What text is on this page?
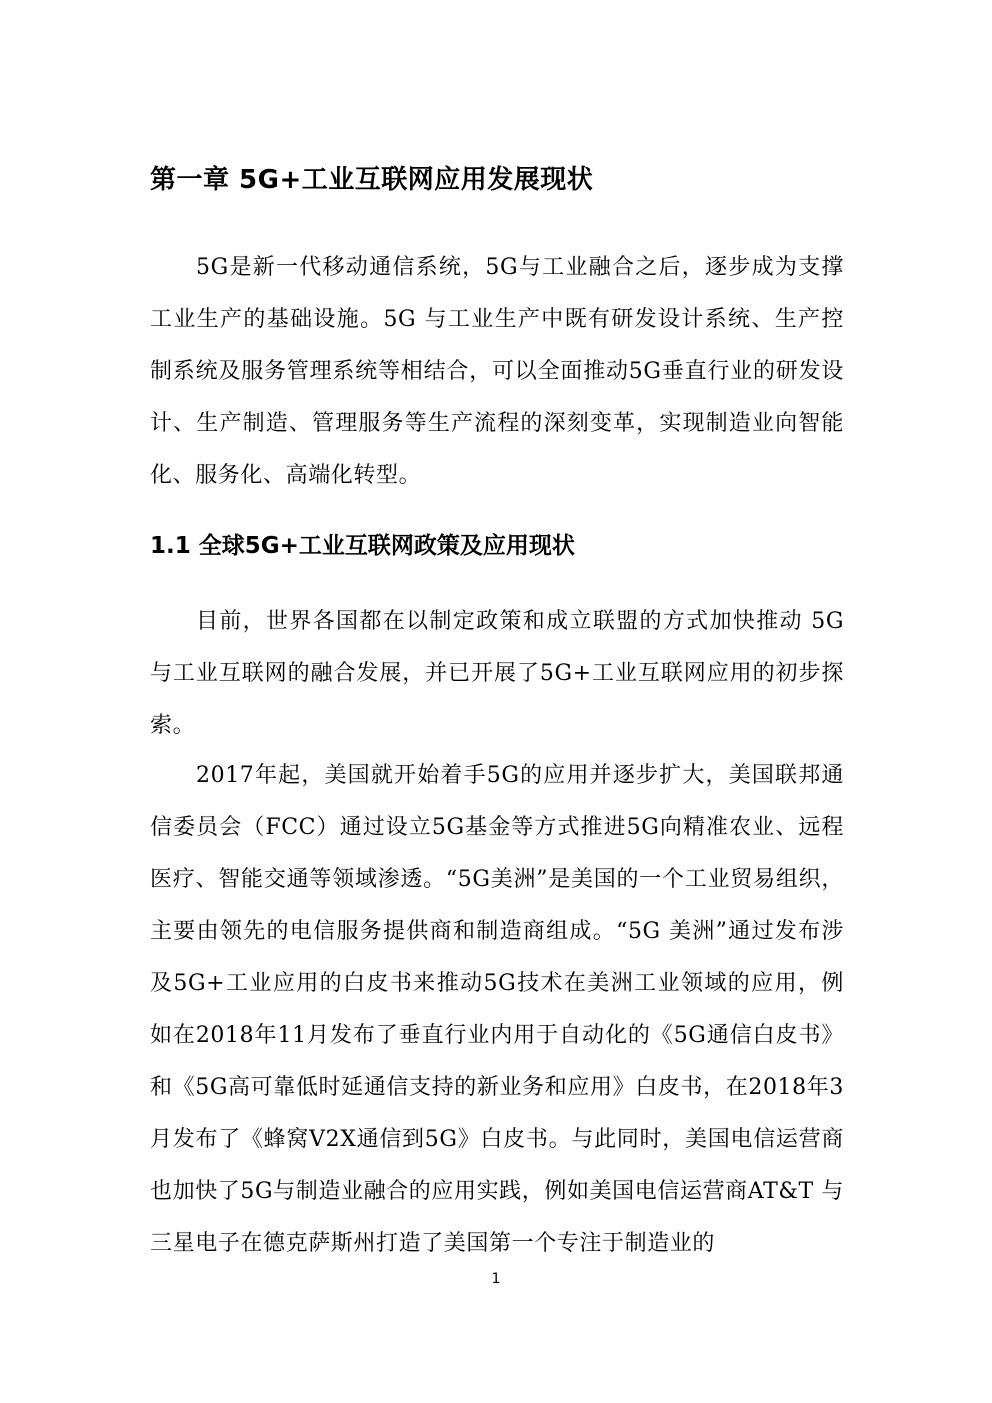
第一章 5G+工业互联网应用发展现状

5G是新一代移动通信系统，5G与工业融合之后，逐步成为支撑工业生产的基础设施。5G 与工业生产中既有研发设计系统、生产控制系统及服务管理系统等相结合，可以全面推动5G垂直行业的研发设计、生产制造、管理服务等生产流程的深刻变革，实现制造业向智能化、服务化、高端化转型。

1.1 全球5G+工业互联网政策及应用现状

目前，世界各国都在以制定政策和成立联盟的方式加快推动 5G与工业互联网的融合发展，并已开展了5G+工业互联网应用的初步探索。

2017年起，美国就开始着手5G的应用并逐步扩大，美国联邦通信委员会（FCC）通过设立5G基金等方式推进5G向精准农业、远程医疗、智能交通等领域渗透。“5G美洲”是美国的一个工业贸易组织，主要由领先的电信服务提供商和制造商组成。“5G 美洲”通过发布涉及5G+工业应用的白皮书来推动5G技术在美洲工业领域的应用，例如在2018年11月发布了垂直行业内用于自动化的《5G通信白皮书》和《5G高可靠低时延通信支持的新业务和应用》白皮书，在2018年3月发布了《蜂窝V2X通信到5G》白皮书。与此同时，美国电信运营商也加快了5G与制造业融合的应用实践，例如美国电信运营商AT&T 与三星电子在德克萨斯州打造了美国第一个专注于制造业的

1
